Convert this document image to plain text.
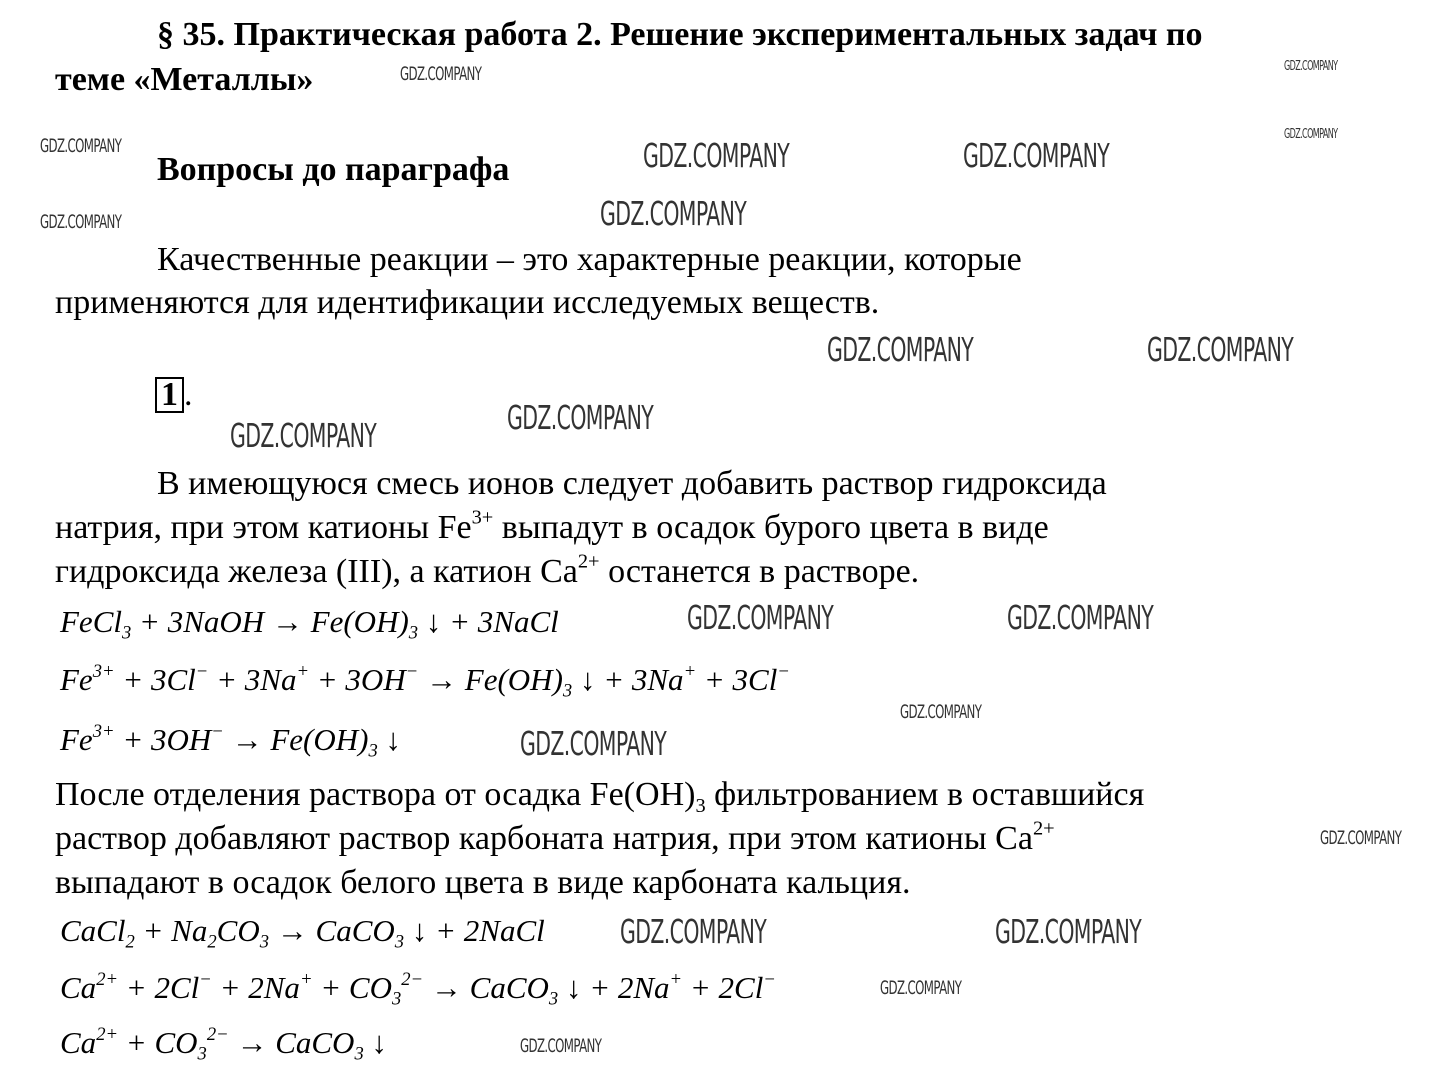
§ 35. Практическая работа 2. Решение экспериментальных задач по
теме «Металлы»
Вопросы до параграфа
Качественные реакции – это характерные реакции, которые
применяются для идентификации исследуемых веществ.
1 .
В имеющуюся смесь ионов следует добавить раствор гидроксида
натрия, при этом катионы $Fe^{3+}$ выпадут в осадок бурого цвета в виде
гидроксида железа (III), а катион $Ca^{2+}$ останется в растворе.
FeCl$_3$ + 3NaOH → $Fe(OH)_3$ ↓ + 3NaCl
$Fe^{3+} + 3Cl^- + 3Na^+ + 3OH^- \to Fe(OH)_3$ ↓ + 3Na+ + 3Cl−
$Fe^{3+} + 3OH^- \to Fe(OH)_3$ ↓
После отделения раствора от осадка $Fe(OH)_3$ фильтрованием в оставшийся
раствор добавляют раствор карбоната натрия, при этом катионы $Ca^{2+}$
выпадают в осадок белого цвета в виде карбоната кальция.
CaCl$_2$ + $Na_2CO_3$ → CaCO$_3$ ↓ + 2NaCl
$Ca^{2+} + 2Cl^- + 2Na^+ + CO_3^{2-}$ → CaCO$_3$ ↓ + 2Na+ + 2Cl−
$Ca^{2+} + CO_3^{2-}$ → CaCO$_3$ ↓
GDZ.COMPANY	GDZ.COMPANY
GDZ.COMPANY
GDZ.COMPANY	GDZ.COMPANY	GDZ.COMPANY
GDZ.COMPANY
GDZ.COMPANY
GDZ.COMPANY	GDZ.COMPANY
GDZ.COMPANY
GDZ.COMPANY
GDZ.COMPANY	GDZ.COMPANY
GDZ.COMPANY
GDZ.COMPANY
GDZ.COMPANY
GDZ.COMPANY	GDZ.COMPANY
GDZ.COMPANY
GDZ.COMPANY
